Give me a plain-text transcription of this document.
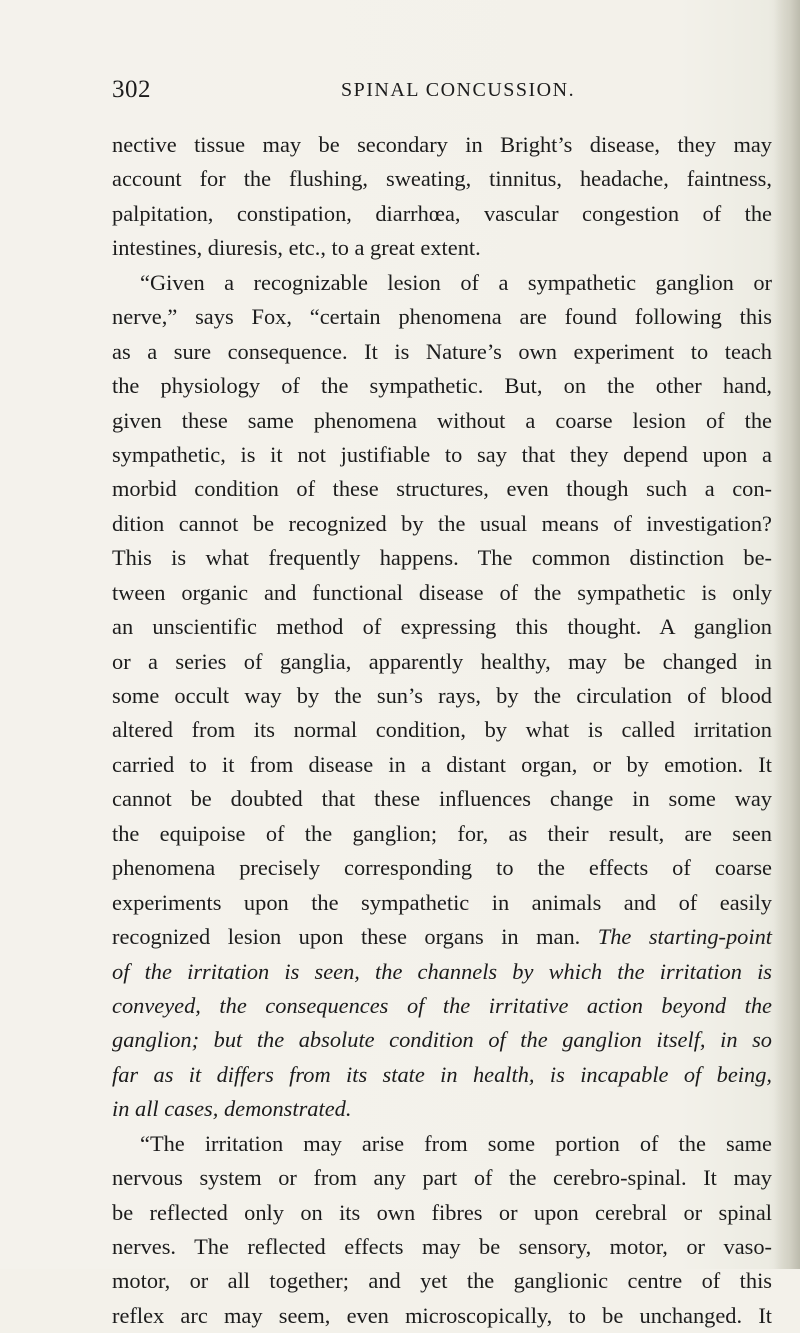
302	SPINAL CONCUSSION.
nective tissue may be secondary in Bright’s disease, they may
account for the flushing, sweating, tinnitus, headache, faintness,
palpitation, constipation, diarrhœa, vascular congestion of the
intestines, diuresis, etc., to a great extent.
“Given a recognizable lesion of a sympathetic ganglion or
nerve,” says Fox, “certain phenomena are found following this
as a sure consequence. It is Nature’s own experiment to teach
the physiology of the sympathetic. But, on the other hand,
given these same phenomena without a coarse lesion of the
sympathetic, is it not justifiable to say that they depend upon a
morbid condition of these structures, even though such a con-
dition cannot be recognized by the usual means of investigation?
This is what frequently happens. The common distinction be-
tween organic and functional disease of the sympathetic is only
an unscientific method of expressing this thought. A ganglion
or a series of ganglia, apparently healthy, may be changed in
some occult way by the sun’s rays, by the circulation of blood
altered from its normal condition, by what is called irritation
carried to it from disease in a distant organ, or by emotion. It
cannot be doubted that these influences change in some way
the equipoise of the ganglion; for, as their result, are seen
phenomena precisely corresponding to the effects of coarse
experiments upon the sympathetic in animals and of easily
recognized lesion upon these organs in man. The starting-point
of the irritation is seen, the channels by which the irritation is
conveyed, the consequences of the irritative action beyond the
ganglion; but the absolute condition of the ganglion itself, in so
far as it differs from its state in health, is incapable of being,
in all cases, demonstrated.
“The irritation may arise from some portion of the same
nervous system or from any part of the cerebro-spinal. It may
be reflected only on its own fibres or upon cerebral or spinal
nerves. The reflected effects may be sensory, motor, or vaso-
motor, or all together; and yet the ganglionic centre of this
reflex arc may seem, even microscopically, to be unchanged. It
